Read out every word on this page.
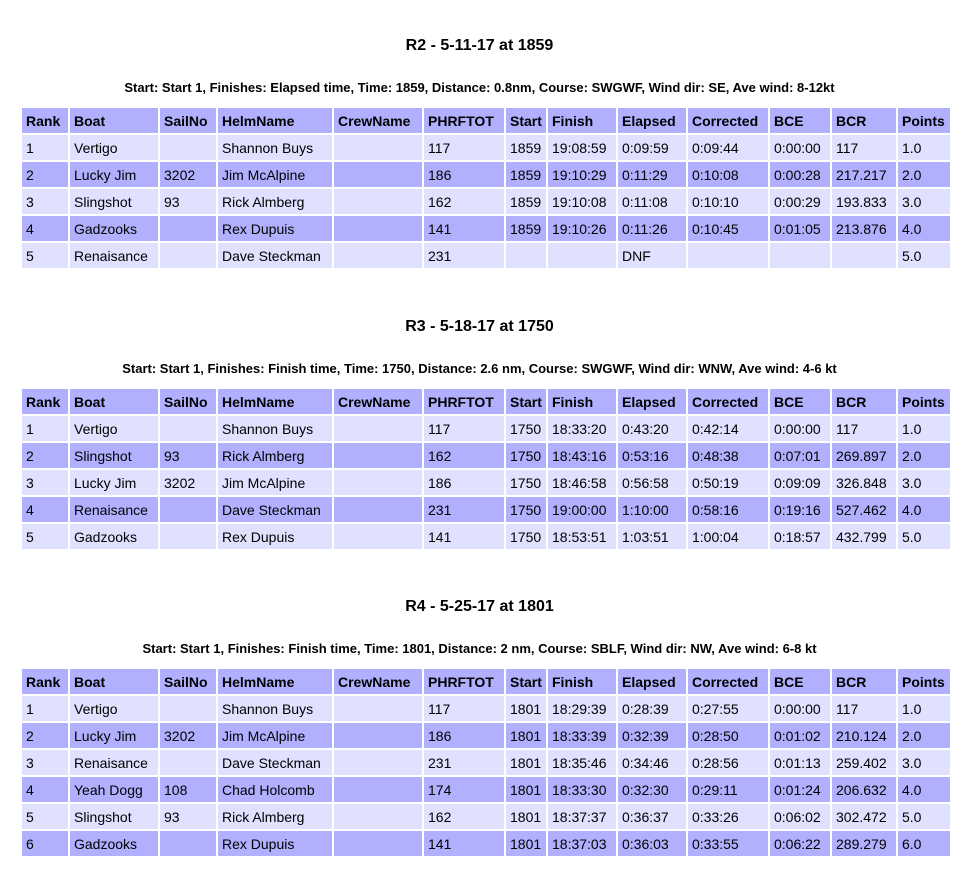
R2 - 5-11-17 at 1859
Start: Start 1, Finishes: Elapsed time, Time: 1859, Distance: 0.8nm, Course: SWGWF, Wind dir: SE, Ave wind: 8-12kt
Rank	Boat	SailNo	HelmName	CrewName	PHRFTOT	Start	Finish	Elapsed	Corrected	BCE	BCR	Points
1	Vertigo		Shannon Buys		117	1859	19:08:59	0:09:59	0:09:44	0:00:00	117	1.0
2	Lucky Jim	3202	Jim McAlpine		186	1859	19:10:29	0:11:29	0:10:08	0:00:28	217.217	2.0
3	Slingshot	93	Rick Almberg		162	1859	19:10:08	0:11:08	0:10:10	0:00:29	193.833	3.0
4	Gadzooks		Rex Dupuis		141	1859	19:10:26	0:11:26	0:10:45	0:01:05	213.876	4.0
5	Renaisance		Dave Steckman		231			DNF				5.0
R3 - 5-18-17 at 1750
Start: Start 1, Finishes: Finish time, Time: 1750, Distance: 2.6 nm, Course: SWGWF, Wind dir: WNW, Ave wind: 4-6 kt
Rank	Boat	SailNo	HelmName	CrewName	PHRFTOT	Start	Finish	Elapsed	Corrected	BCE	BCR	Points
1	Vertigo		Shannon Buys		117	1750	18:33:20	0:43:20	0:42:14	0:00:00	117	1.0
2	Slingshot	93	Rick Almberg		162	1750	18:43:16	0:53:16	0:48:38	0:07:01	269.897	2.0
3	Lucky Jim	3202	Jim McAlpine		186	1750	18:46:58	0:56:58	0:50:19	0:09:09	326.848	3.0
4	Renaisance		Dave Steckman		231	1750	19:00:00	1:10:00	0:58:16	0:19:16	527.462	4.0
5	Gadzooks		Rex Dupuis		141	1750	18:53:51	1:03:51	1:00:04	0:18:57	432.799	5.0
R4 - 5-25-17 at 1801
Start: Start 1, Finishes: Finish time, Time: 1801, Distance: 2 nm, Course: SBLF, Wind dir: NW, Ave wind: 6-8 kt
Rank	Boat	SailNo	HelmName	CrewName	PHRFTOT	Start	Finish	Elapsed	Corrected	BCE	BCR	Points
1	Vertigo		Shannon Buys		117	1801	18:29:39	0:28:39	0:27:55	0:00:00	117	1.0
2	Lucky Jim	3202	Jim McAlpine		186	1801	18:33:39	0:32:39	0:28:50	0:01:02	210.124	2.0
3	Renaisance		Dave Steckman		231	1801	18:35:46	0:34:46	0:28:56	0:01:13	259.402	3.0
4	Yeah Dogg	108	Chad Holcomb		174	1801	18:33:30	0:32:30	0:29:11	0:01:24	206.632	4.0
5	Slingshot	93	Rick Almberg		162	1801	18:37:37	0:36:37	0:33:26	0:06:02	302.472	5.0
6	Gadzooks		Rex Dupuis		141	1801	18:37:03	0:36:03	0:33:55	0:06:22	289.279	6.0
